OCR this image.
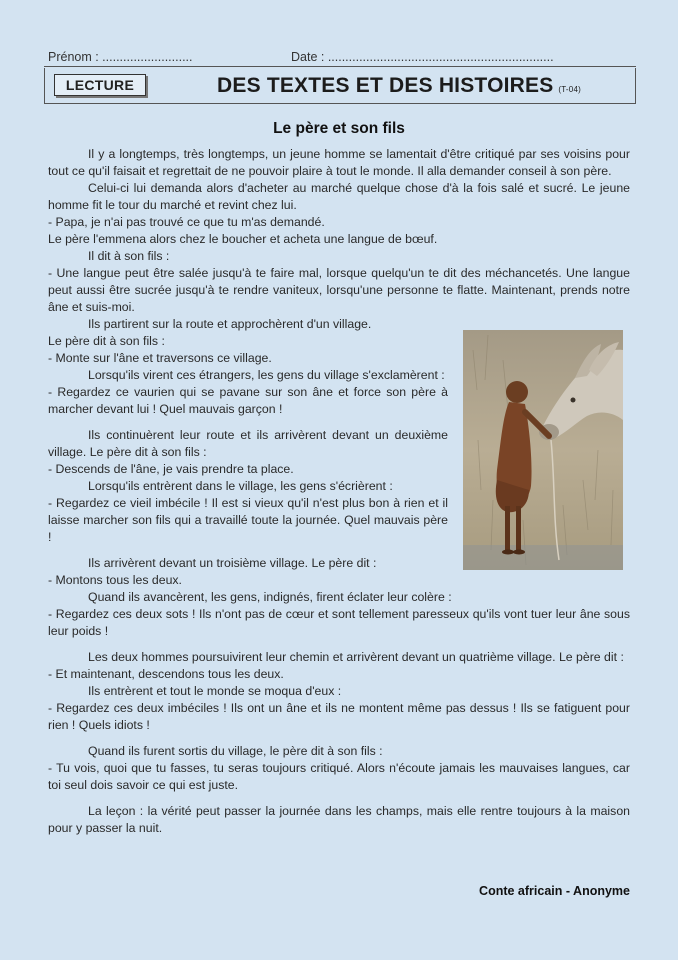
Prénom : ..........................	Date : .................................................................
LECTURE	DES TEXTES ET DES HISTOIRES (T-04)
Le père et son fils

Il y a longtemps, très longtemps, un jeune homme se lamentait d'être critiqué par ses voisins pour tout ce qu'il faisait et regrettait de ne pouvoir plaire à tout le monde. Il alla demander conseil à son père.

Celui-ci lui demanda alors d'acheter au marché quelque chose d'à la fois salé et sucré. Le jeune homme fit le tour du marché et revint chez lui.

- Papa, je n'ai pas trouvé ce que tu m'as demandé.

Le père l'emmena alors chez le boucher et acheta une langue de bœuf.

Il dit à son fils :

- Une langue peut être salée jusqu'à te faire mal, lorsque quelqu'un te dit des méchancetés. Une langue peut aussi être sucrée jusqu'à te rendre vaniteux, lorsqu'une personne te flatte. Maintenant, prends notre âne et suis-moi.

Ils partirent sur la route et approchèrent d'un village.

Le père dit à son fils :

- Monte sur l'âne et traversons ce village.

Lorsqu'ils virent ces étrangers, les gens du village s'exclamèrent :

- Regardez ce vaurien qui se pavane sur son âne et force son père à marcher devant lui ! Quel mauvais garçon !

Ils continuèrent leur route et ils arrivèrent devant un deuxième village. Le père dit à son fils :

- Descends de l'âne, je vais prendre ta place.

Lorsqu'ils entrèrent dans le village, les gens s'écrièrent :

- Regardez ce vieil imbécile ! Il est si vieux qu'il n'est plus bon à rien et il laisse marcher son fils qui a travaillé toute la journée. Quel mauvais père !

Ils arrivèrent devant un troisième village. Le père dit :

- Montons tous les deux.

Quand ils avancèrent, les gens, indignés, firent éclater leur colère :

- Regardez ces deux sots ! Ils n'ont pas de cœur et sont tellement paresseux qu'ils vont tuer leur âne sous leur poids !

Les deux hommes poursuivirent leur chemin et arrivèrent devant un quatrième village. Le père dit :

- Et maintenant, descendons tous les deux.

Ils entrèrent et tout le monde se moqua d'eux :

- Regardez ces deux imbéciles ! Ils ont un âne et ils ne montent même pas dessus ! Ils se fatiguent pour rien ! Quels idiots !

Quand ils furent sortis du village, le père dit à son fils :

- Tu vois, quoi que tu fasses, tu seras toujours critiqué. Alors n'écoute jamais les mauvaises langues, car toi seul dois savoir ce qui est juste.

La leçon : la vérité peut passer la journée dans les champs, mais elle rentre toujours à la maison pour y passer la nuit.

Conte africain - Anonyme
